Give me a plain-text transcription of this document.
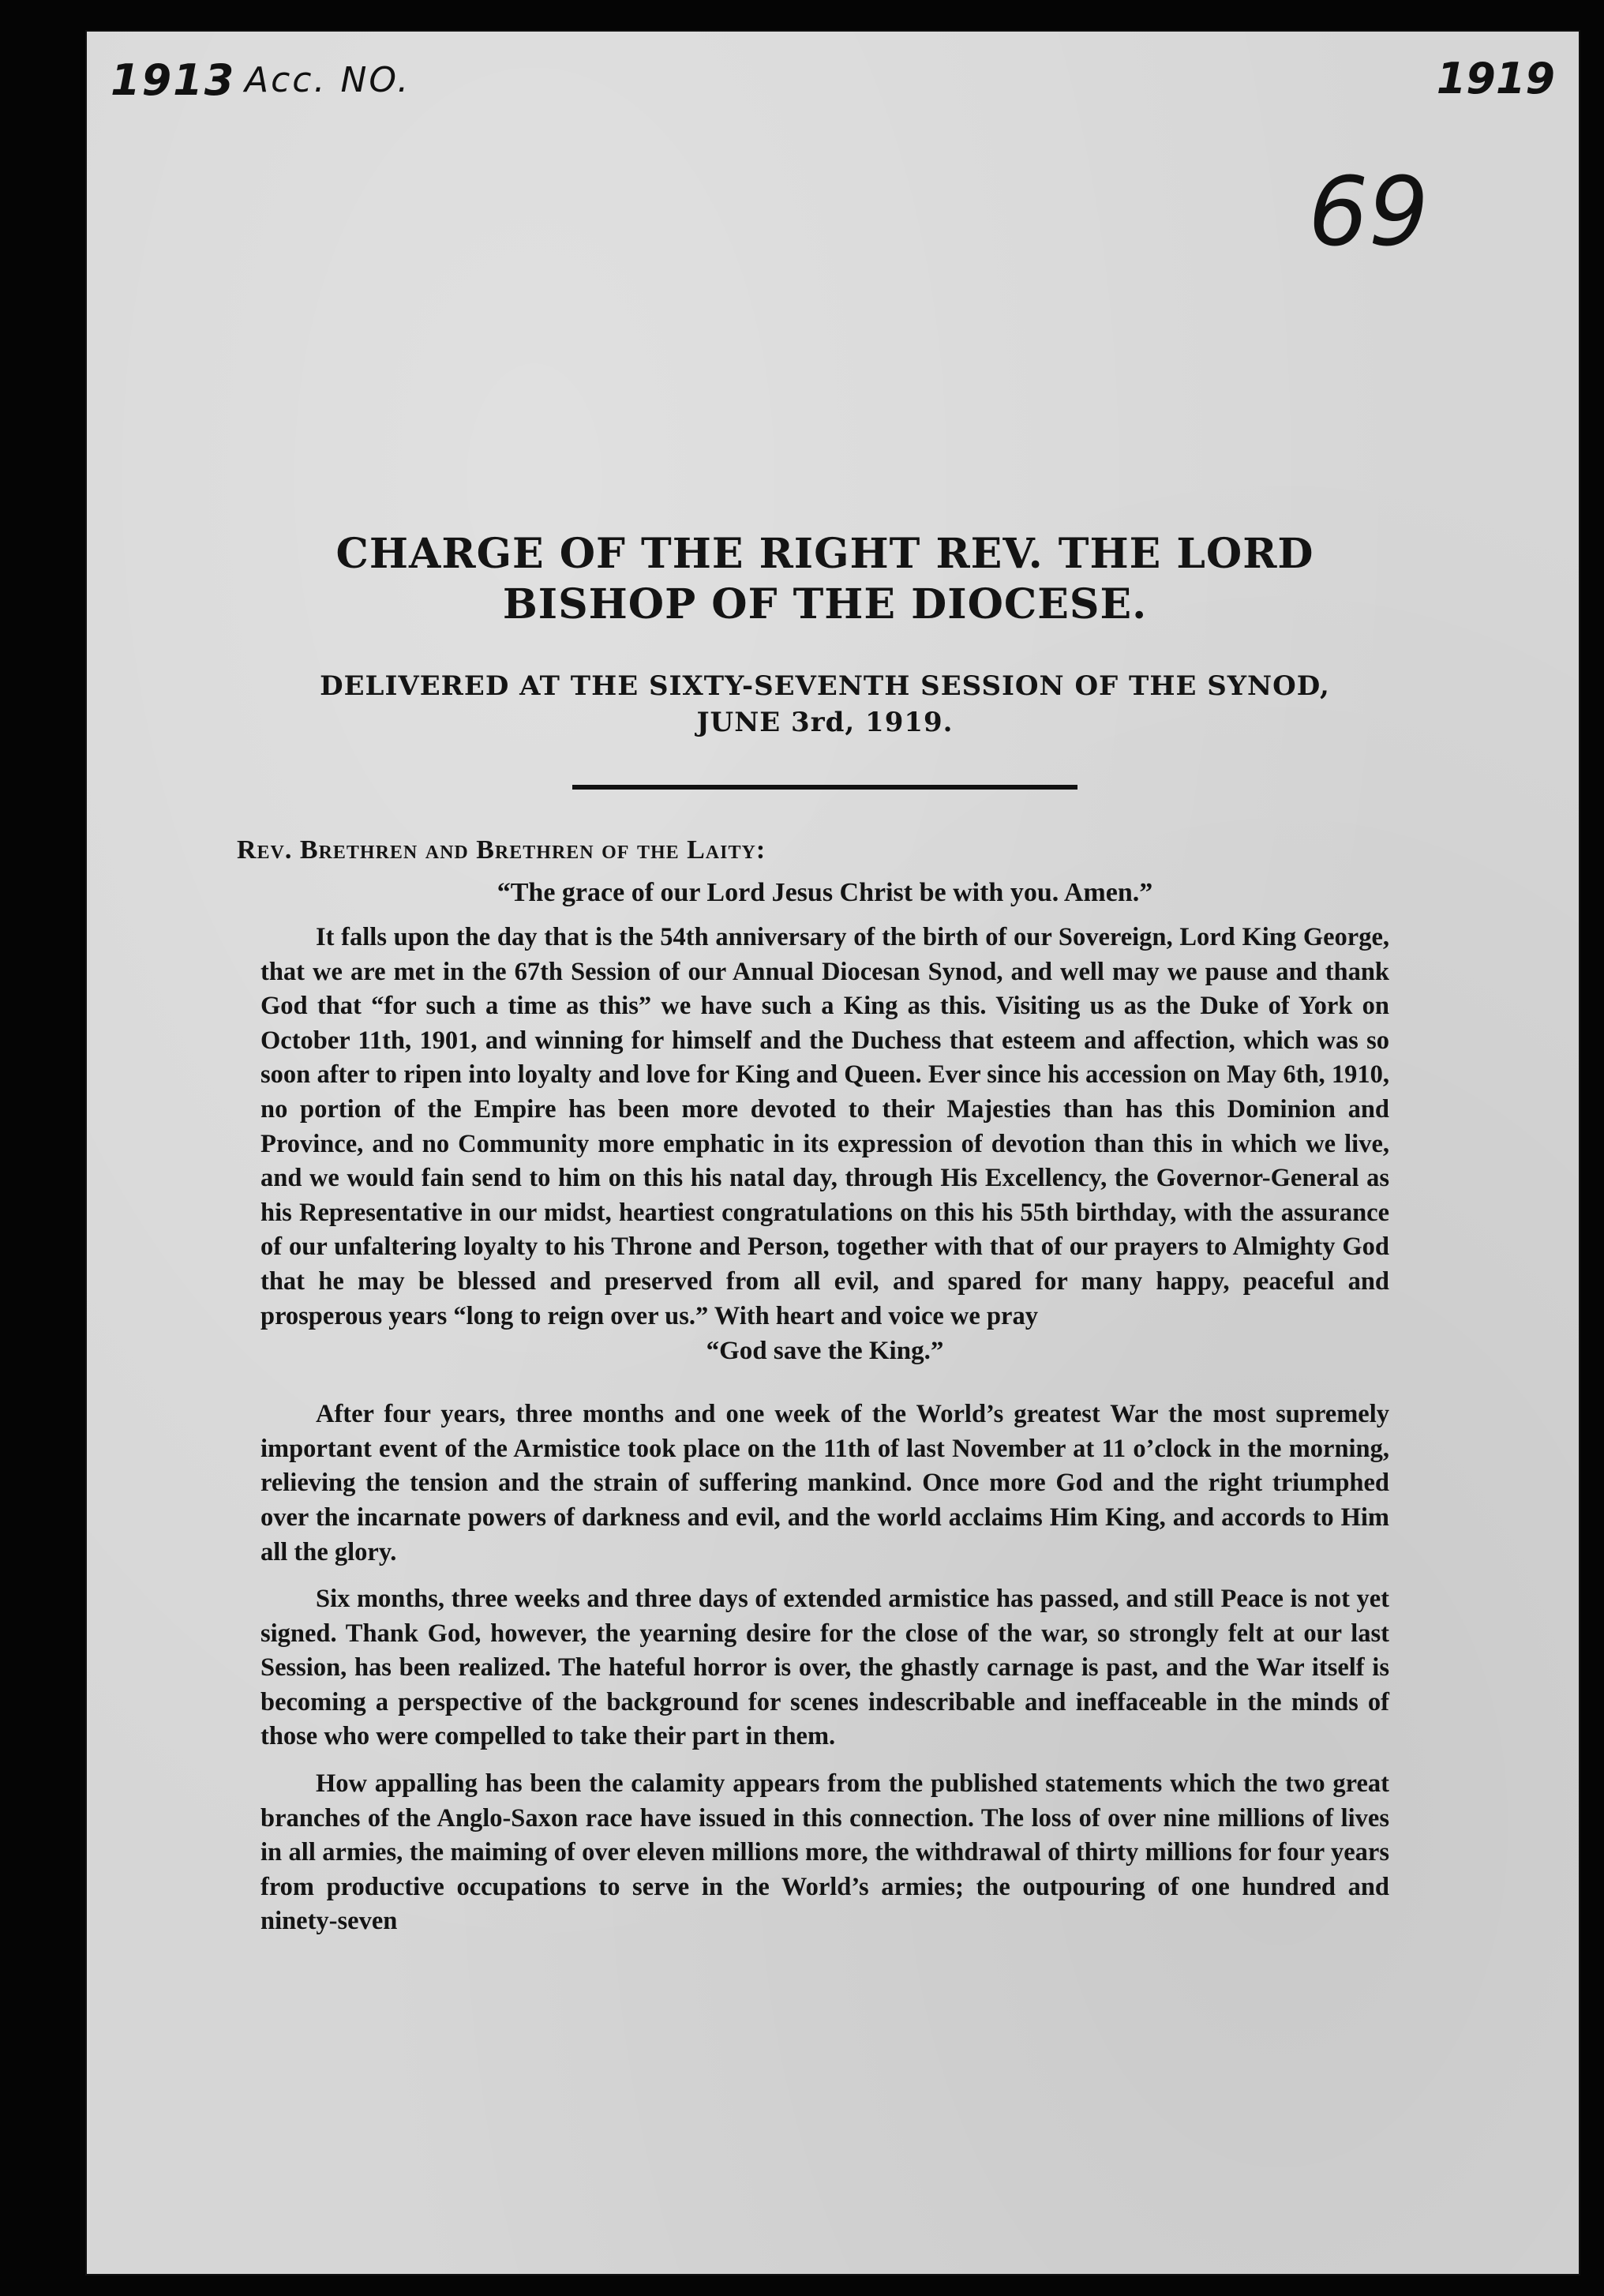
1913 Acc. NO.	1919
69
CHARGE OF THE RIGHT REV. THE LORD
BISHOP OF THE DIOCESE.
DELIVERED AT THE SIXTY-SEVENTH SESSION OF THE SYNOD, JUNE 3rd, 1919.
Rev. Brethren and Brethren of the Laity:
“The grace of our Lord Jesus Christ be with you. Amen.”

It falls upon the day that is the 54th anniversary of the birth of our Sovereign, Lord King George, that we are met in the 67th Session of our Annual Diocesan Synod, and well may we pause and thank God that “for such a time as this” we have such a King as this. Visiting us as the Duke of York on October 11th, 1901, and winning for himself and the Duchess that esteem and affection, which was so soon after to ripen into loyalty and love for King and Queen. Ever since his accession on May 6th, 1910, no portion of the Empire has been more devoted to their Majesties than has this Dominion and Province, and no Community more emphatic in its expression of devotion than this in which we live, and we would fain send to him on this his natal day, through His Excellency, the Governor-General as his Representative in our midst, heartiest congratulations on this his 55th birthday, with the assurance of our unfaltering loyalty to his Throne and Person, together with that of our prayers to Almighty God that he may be blessed and preserved from all evil, and spared for many happy, peaceful and prosperous years “long to reign over us.” With heart and voice we pray

“God save the King.”

After four years, three months and one week of the World’s greatest War the most supremely important event of the Armistice took place on the 11th of last November at 11 o’clock in the morning, relieving the tension and the strain of suffering mankind. Once more God and the right triumphed over the incarnate powers of darkness and evil, and the world acclaims Him King, and accords to Him all the glory.

Six months, three weeks and three days of extended armistice has passed, and still Peace is not yet signed. Thank God, however, the yearning desire for the close of the war, so strongly felt at our last Session, has been realized. The hateful horror is over, the ghastly carnage is past, and the War itself is becoming a perspective of the background for scenes indescribable and ineffaceable in the minds of those who were compelled to take their part in them.

How appalling has been the calamity appears from the published statements which the two great branches of the Anglo-Saxon race have issued in this connection. The loss of over nine millions of lives in all armies, the maiming of over eleven millions more, the withdrawal of thirty millions for four years from productive occupations to serve in the World’s armies; the outpouring of one hundred and ninety-seven
